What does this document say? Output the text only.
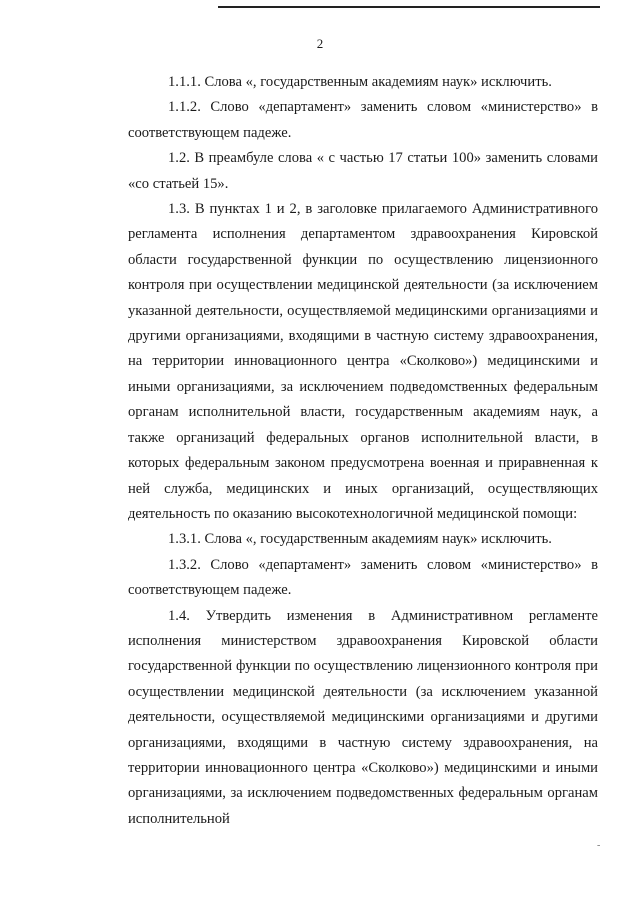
2

1.1.1. Слова «, государственным академиям наук» исключить.

1.1.2. Слово «департамент» заменить словом «министерство» в соответствующем падеже.

1.2. В преамбуле слова « с частью 17 статьи 100» заменить словами «со статьей 15».

1.3. В пунктах 1 и 2, в заголовке прилагаемого Административного регламента исполнения департаментом здравоохранения Кировской области государственной функции по осуществлению лицензионного контроля при осуществлении медицинской деятельности (за исключением указанной деятельности, осуществляемой медицинскими организациями и другими организациями, входящими в частную систему здравоохранения, на территории инновационного центра «Сколково») медицинскими и иными организациями, за исключением подведомственных федеральным органам исполнительной власти, государственным академиям наук, а также организаций федеральных органов исполнительной власти, в которых федеральным законом предусмотрена военная и приравненная к ней служба, медицинских и иных организаций, осуществляющих деятельность по оказанию высокотехнологичной медицинской помощи:

1.3.1. Слова «, государственным академиям наук» исключить.

1.3.2. Слово «департамент» заменить словом «министерство» в соответствующем падеже.

1.4. Утвердить изменения в Административном регламенте исполнения министерством здравоохранения Кировской области государственной функции по осуществлению лицензионного контроля при осуществлении медицинской деятельности (за исключением указанной деятельности, осуществляемой медицинскими организациями и другими организациями, входящими в частную систему здравоохранения, на территории инновационного центра «Сколково») медицинскими и иными организациями, за исключением подведомственных федеральным органам исполнительной

-
